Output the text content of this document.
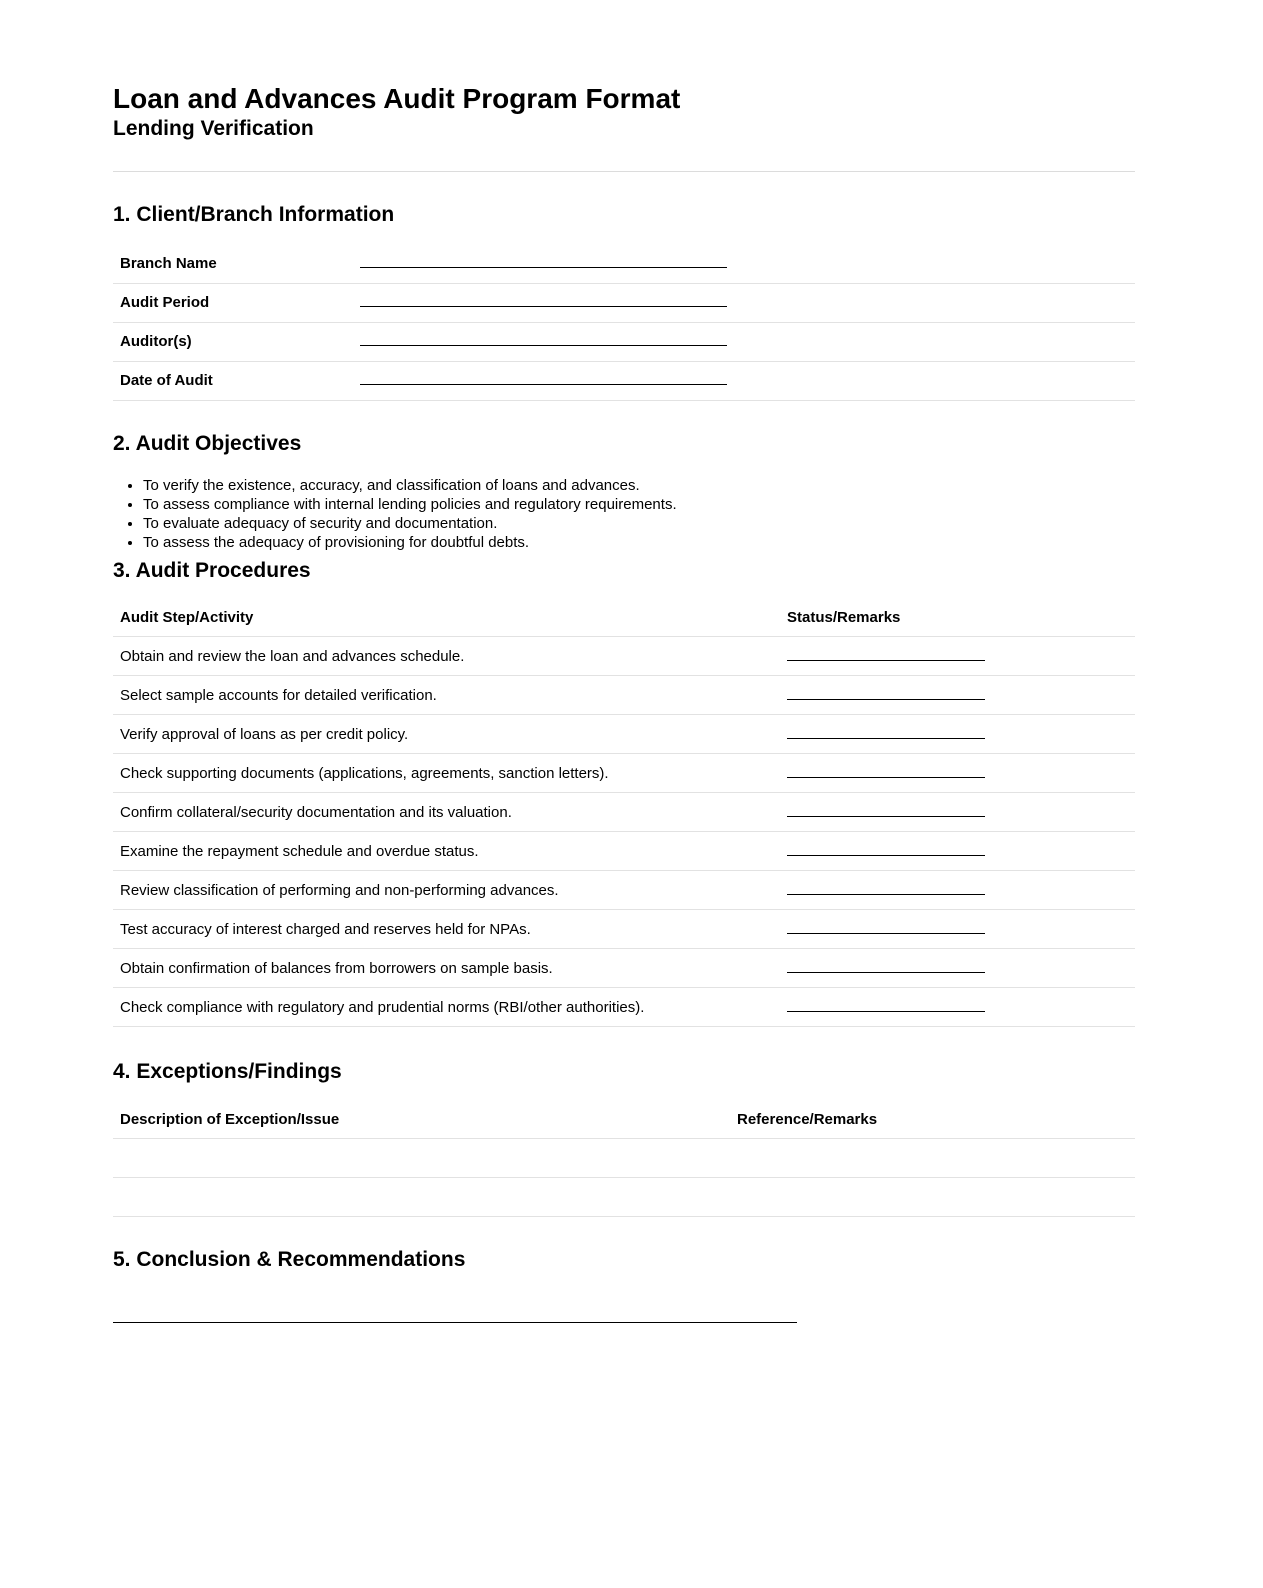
Loan and Advances Audit Program Format
Lending Verification
1. Client/Branch Information
Branch Name
Audit Period
Auditor(s)
Date of Audit
2. Audit Objectives
• To verify the existence, accuracy, and classification of loans and advances.
• To assess compliance with internal lending policies and regulatory requirements.
• To evaluate adequacy of security and documentation.
• To assess the adequacy of provisioning for doubtful debts.
3. Audit Procedures
Audit Step/Activity	Status/Remarks
Obtain and review the loan and advances schedule.
Select sample accounts for detailed verification.
Verify approval of loans as per credit policy.
Check supporting documents (applications, agreements, sanction letters).
Confirm collateral/security documentation and its valuation.
Examine the repayment schedule and overdue status.
Review classification of performing and non-performing advances.
Test accuracy of interest charged and reserves held for NPAs.
Obtain confirmation of balances from borrowers on sample basis.
Check compliance with regulatory and prudential norms (RBI/other authorities).
4. Exceptions/Findings
Description of Exception/Issue	Reference/Remarks
5. Conclusion & Recommendations
